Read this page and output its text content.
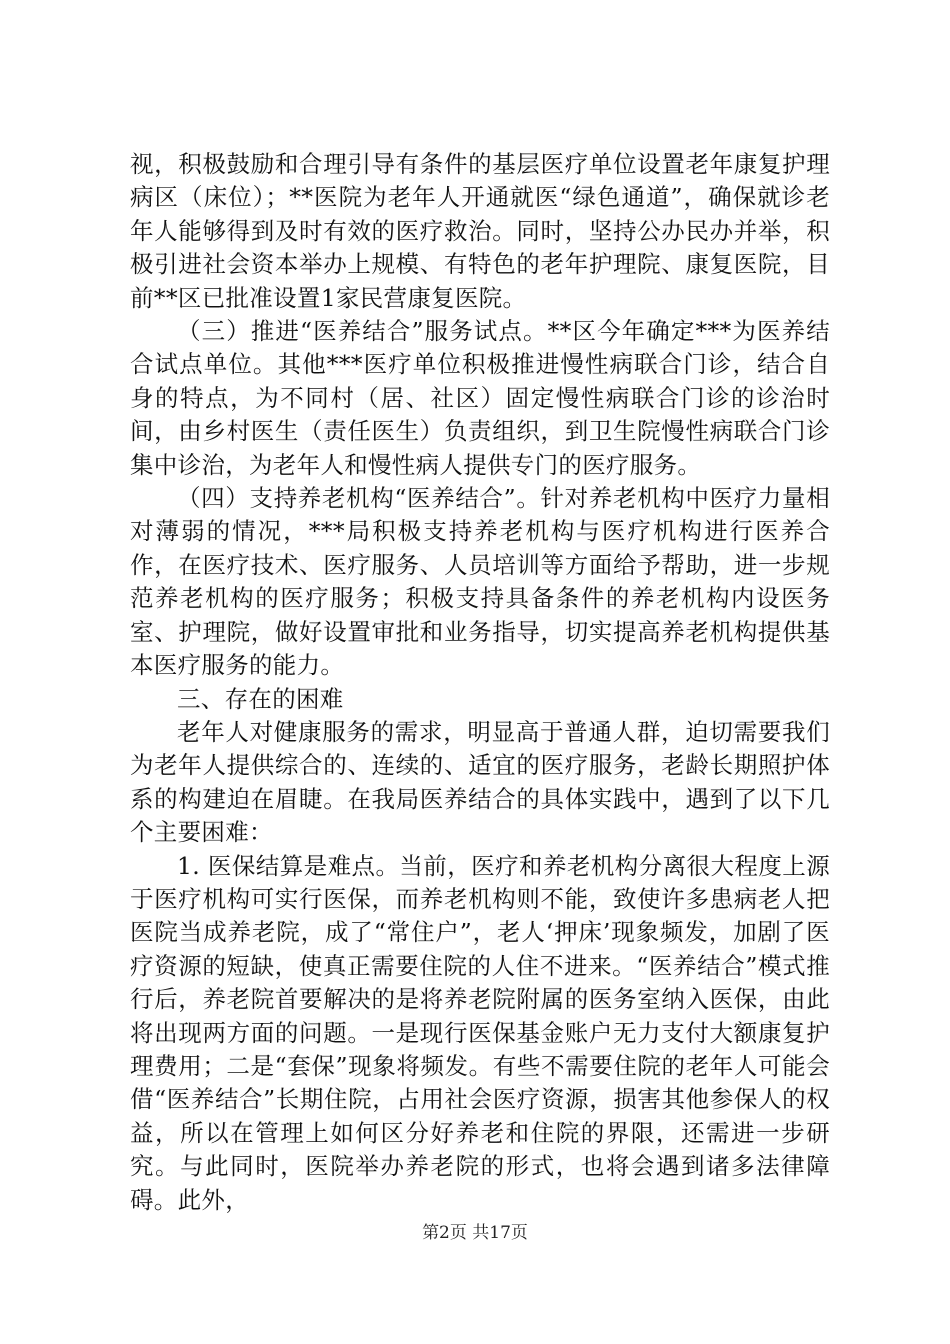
视，积极鼓励和合理引导有条件的基层医疗单位设置老年康复护理病区（床位）；**医院为老年人开通就医“绿色通道”，确保就诊老年人能够得到及时有效的医疗救治。同时，坚持公办民办并举，积极引进社会资本举办上规模、有特色的老年护理院、康复医院，目前**区已批准设置1家民营康复医院。

（三）推进“医养结合”服务试点。**区今年确定***为医养结合试点单位。其他***医疗单位积极推进慢性病联合门诊，结合自身的特点，为不同村（居、社区）固定慢性病联合门诊的诊治时间，由乡村医生（责任医生）负责组织，到卫生院慢性病联合门诊集中诊治，为老年人和慢性病人提供专门的医疗服务。

（四）支持养老机构“医养结合”。针对养老机构中医疗力量相对薄弱的情况，***局积极支持养老机构与医疗机构进行医养合作，在医疗技术、医疗服务、人员培训等方面给予帮助，进一步规范养老机构的医疗服务；积极支持具备条件的养老机构内设医务室、护理院，做好设置审批和业务指导，切实提高养老机构提供基本医疗服务的能力。

三、存在的困难

老年人对健康服务的需求，明显高于普通人群，迫切需要我们为老年人提供综合的、连续的、适宜的医疗服务，老龄长期照护体系的构建迫在眉睫。在我局医养结合的具体实践中，遇到了以下几个主要困难：

1. 医保结算是难点。当前，医疗和养老机构分离很大程度上源于医疗机构可实行医保，而养老机构则不能，致使许多患病老人把医院当成养老院，成了“常住户”，老人‘押床’现象频发，加剧了医疗资源的短缺，使真正需要住院的人住不进来。“医养结合”模式推行后，养老院首要解决的是将养老院附属的医务室纳入医保，由此将出现两方面的问题。一是现行医保基金账户无力支付大额康复护理费用；二是“套保”现象将频发。有些不需要住院的老年人可能会借“医养结合”长期住院，占用社会医疗资源，损害其他参保人的权益，所以在管理上如何区分好养老和住院的界限，还需进一步研究。与此同时，医院举办养老院的形式，也将会遇到诸多法律障碍。此外，

第2页 共17页
